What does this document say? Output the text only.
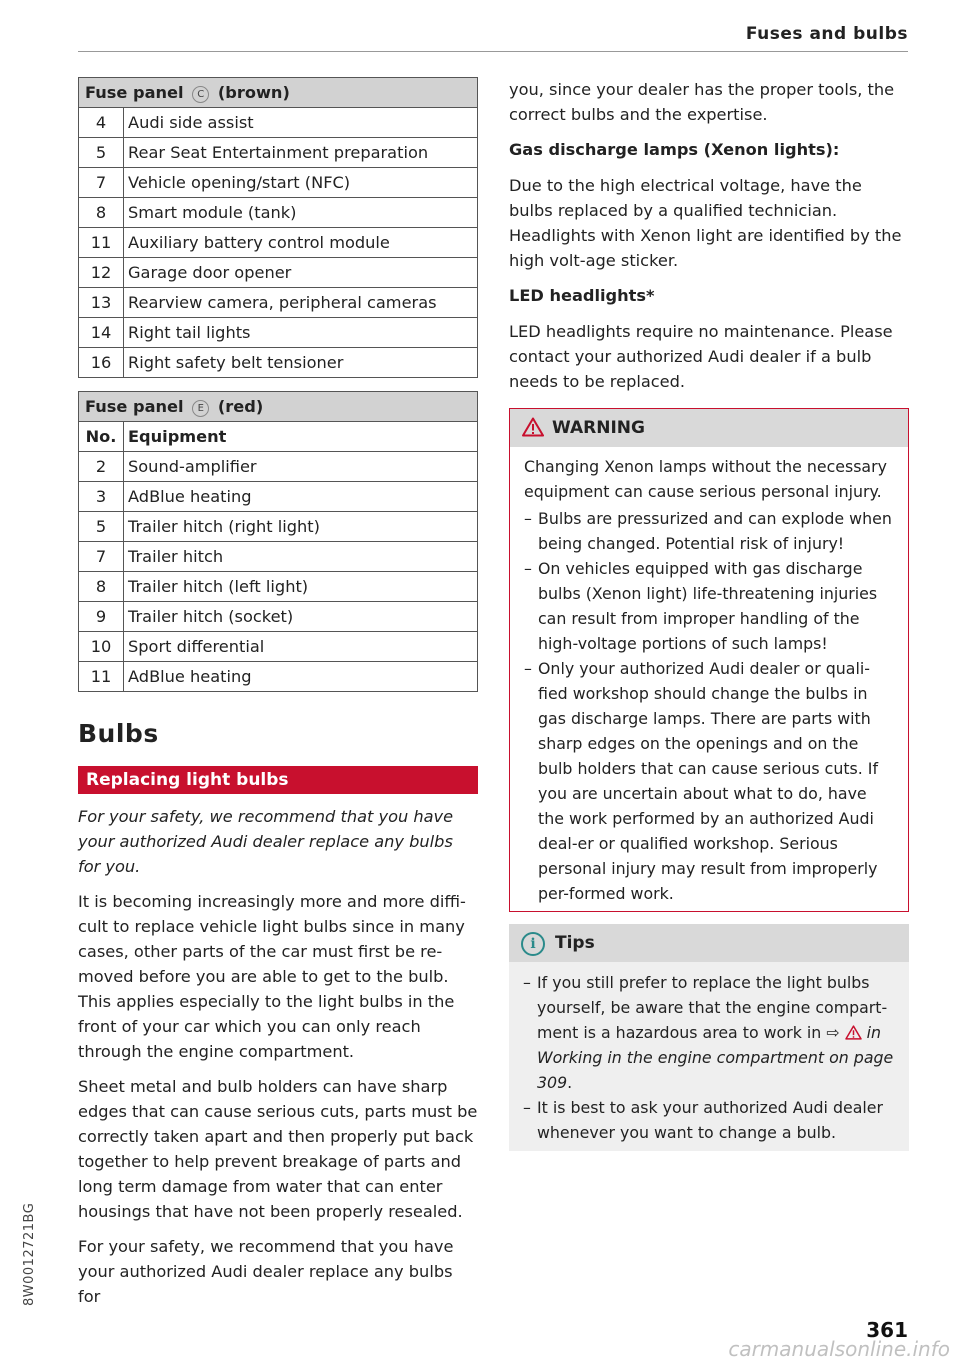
Fuses and bulbs
Fuse panel C (brown)	
4	Audi side assist
5	Rear Seat Entertainment preparation
7	Vehicle opening/start (NFC)
8	Smart module (tank)
11	Auxiliary battery control module
12	Garage door opener
13	Rearview camera, peripheral cameras
14	Right tail lights
16	Right safety belt tensioner
Fuse panel E (red)	
No.	Equipment
2	Sound-amplifier
3	AdBlue heating
5	Trailer hitch (right light)
7	Trailer hitch
8	Trailer hitch (left light)
9	Trailer hitch (socket)
10	Sport differential
11	AdBlue heating
Bulbs
Replacing light bulbs

For your safety, we recommend that you have your authorized Audi dealer replace any bulbs for you.

It is becoming increasingly more and more diffi-cult to replace vehicle light bulbs since in many cases, other parts of the car must first be re-moved before you are able to get to the bulb. This applies especially to the light bulbs in the front of your car which you can only reach through the engine compartment.

Sheet metal and bulb holders can have sharp edges that can cause serious cuts, parts must be correctly taken apart and then properly put back together to help prevent breakage of parts and long term damage from water that can enter housings that have not been properly resealed.

For your safety, we recommend that you have your authorized Audi dealer replace any bulbs for

you, since your dealer has the proper tools, the correct bulbs and the expertise.

Gas discharge lamps (Xenon lights):

Due to the high electrical voltage, have the bulbs replaced by a qualified technician. Headlights with Xenon light are identified by the high volt-age sticker.

LED headlights*

LED headlights require no maintenance. Please contact your authorized Audi dealer if a bulb needs to be replaced.

WARNING

Changing Xenon lamps without the necessary equipment can cause serious personal injury.

– Bulbs are pressurized and can explode when being changed. Potential risk of injury!
– On vehicles equipped with gas discharge bulbs (Xenon light) life-threatening injuries can result from improper handling of the high-voltage portions of such lamps!
– Only your authorized Audi dealer or quali-fied workshop should change the bulbs in gas discharge lamps. There are parts with sharp edges on the openings and on the bulb holders that can cause serious cuts. If you are uncertain about what to do, have the work performed by an authorized Audi deal-er or qualified workshop. Serious personal injury may result from improperly per-formed work.
i Tips
– If you still prefer to replace the light bulbs yourself, be aware that the engine compart-ment is a hazardous area to work in ⇨ in Working in the engine compartment on page 309.
– It is best to ask your authorized Audi dealer whenever you want to change a bulb.
8W0012721BG
361
carmanualsonline.info
